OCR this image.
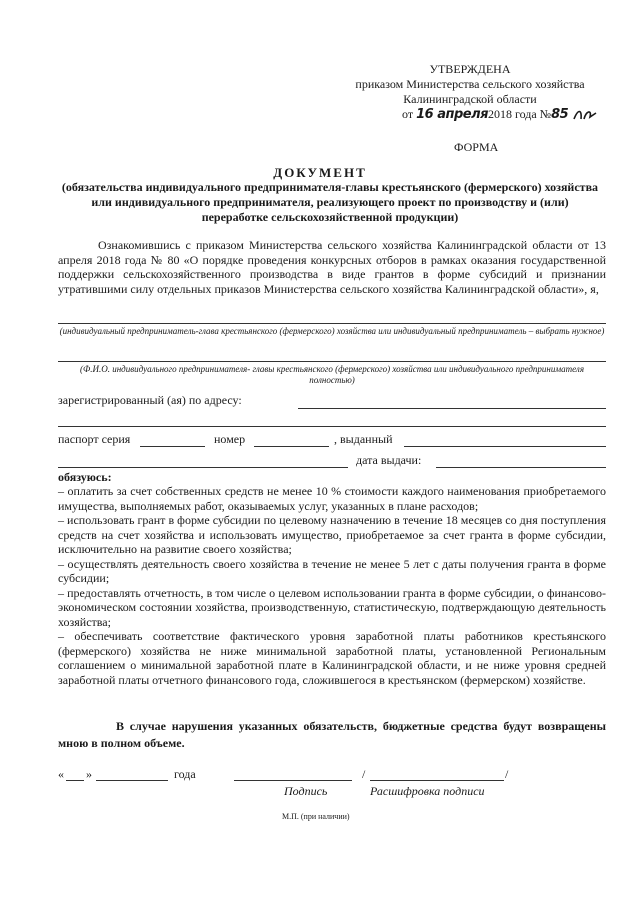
УТВЕРЖДЕНА
приказом Министерства сельского хозяйства
Калининградской области
от 16 апреля2018 года №85
ФОРМА
ДОКУМЕНТ
(обязательства индивидуального предпринимателя-главы крестьянского (фермерского) хозяйства или индивидуального предпринимателя, реализующего проект по производству и (или) переработке сельскохозяйственной продукции)
Ознакомившись с приказом Министерства сельского хозяйства Калининградской области от 13 апреля 2018 года № 80 «О порядке проведения конкурсных отборов в рамках оказания государственной поддержки сельскохозяйственного производства в виде грантов в форме субсидий и признании утратившими силу отдельных приказов Министерства сельского хозяйства Калининградской области», я,
(индивидуальный предприниматель-глава крестьянского (фермерского) хозяйства или индивидуальный предприниматель – выбрать нужное)
(Ф.И.О. индивидуального предпринимателя- главы крестьянского (фермерского) хозяйства или индивидуального предпринимателя полностью)
зарегистрированный (ая) по адресу:
паспорт серия	номер	, выданный
дата выдачи:
обязуюсь:

– оплатить за счет собственных средств не менее 10 % стоимости каждого наименования приобретаемого имущества, выполняемых работ, оказываемых услуг, указанных в плане расходов;

– использовать грант в форме субсидии по целевому назначению в течение 18 месяцев со дня поступления средств на счет хозяйства и использовать имущество, приобретаемое за счет гранта в форме субсидии, исключительно на развитие своего хозяйства;

– осуществлять деятельность своего хозяйства в течение не менее 5 лет с даты получения гранта в форме субсидии;

– предоставлять отчетность, в том числе о целевом использовании гранта в форме субсидии, о финансово-экономическом состоянии хозяйства, производственную, статистическую, подтверждающую деятельность хозяйства;

– обеспечивать соответствие фактического уровня заработной платы работников крестьянского (фермерского) хозяйства не ниже минимальной заработной платы, установленной Региональным соглашением о минимальной заработной плате в Калининградской области, и не ниже уровня средней заработной платы отчетного финансового года, сложившегося в крестьянском (фермерском) хозяйстве.

В случае нарушения указанных обязательств, бюджетные средства будут возвращены мною в полном объеме.
« »	года	/	/
Подпись	Расшифровка подписи
М.П. (при наличии)
